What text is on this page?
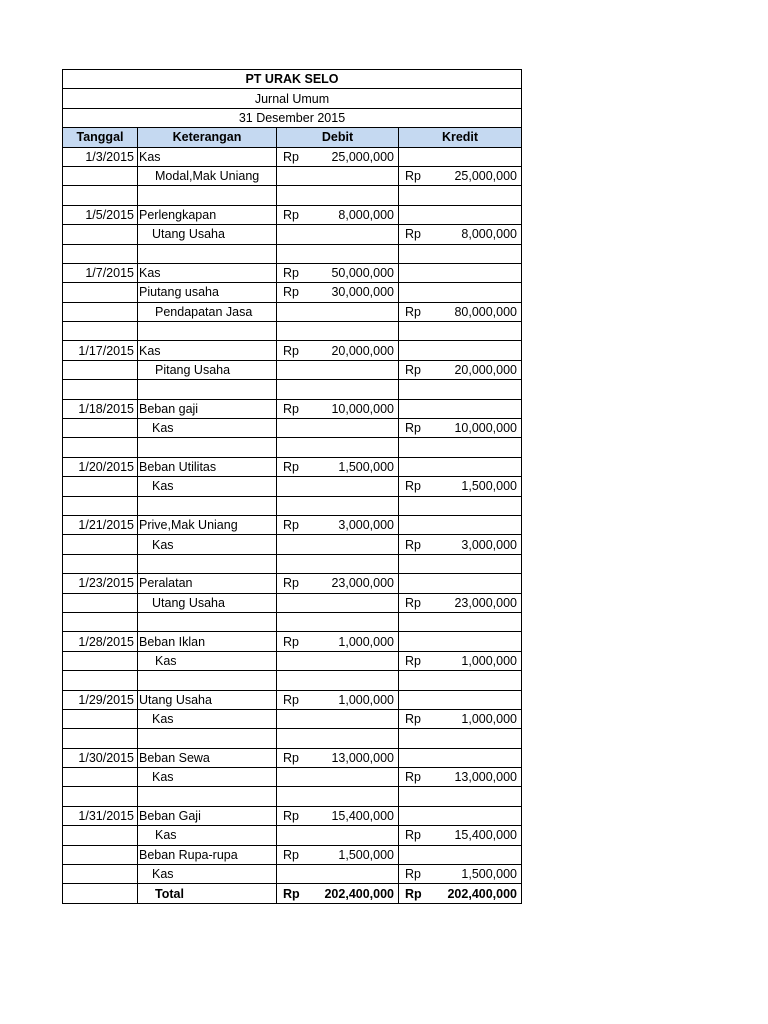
PT URAK SELO					
Jurnal Umum					
31 Desember 2015					
Tanggal	Keterangan	Debit		Kredit	
1/3/2015	Kas	Rp	25,000,000		
	Modal,Mak Uniang			Rp	25,000,000

1/5/2015	Perlengkapan	Rp	8,000,000		
	Utang Usaha			Rp	8,000,000

1/7/2015	Kas	Rp	50,000,000		
	Piutang usaha	Rp	30,000,000		
	Pendapatan Jasa			Rp	80,000,000

1/17/2015	Kas	Rp	20,000,000		
	Pitang Usaha			Rp	20,000,000

1/18/2015	Beban gaji	Rp	10,000,000		
	Kas			Rp	10,000,000

1/20/2015	Beban Utilitas	Rp	1,500,000		
	Kas			Rp	1,500,000

1/21/2015	Prive,Mak Uniang	Rp	3,000,000		
	Kas			Rp	3,000,000

1/23/2015	Peralatan	Rp	23,000,000		
	Utang Usaha			Rp	23,000,000

1/28/2015	Beban Iklan	Rp	1,000,000		
	Kas			Rp	1,000,000

1/29/2015	Utang Usaha	Rp	1,000,000		
	Kas			Rp	1,000,000

1/30/2015	Beban Sewa	Rp	13,000,000		
	Kas			Rp	13,000,000

1/31/2015	Beban Gaji	Rp	15,400,000		
	Kas			Rp	15,400,000
	Beban Rupa-rupa	Rp	1,500,000		
	Kas			Rp	1,500,000
	Total	Rp	202,400,000	Rp	202,400,000
